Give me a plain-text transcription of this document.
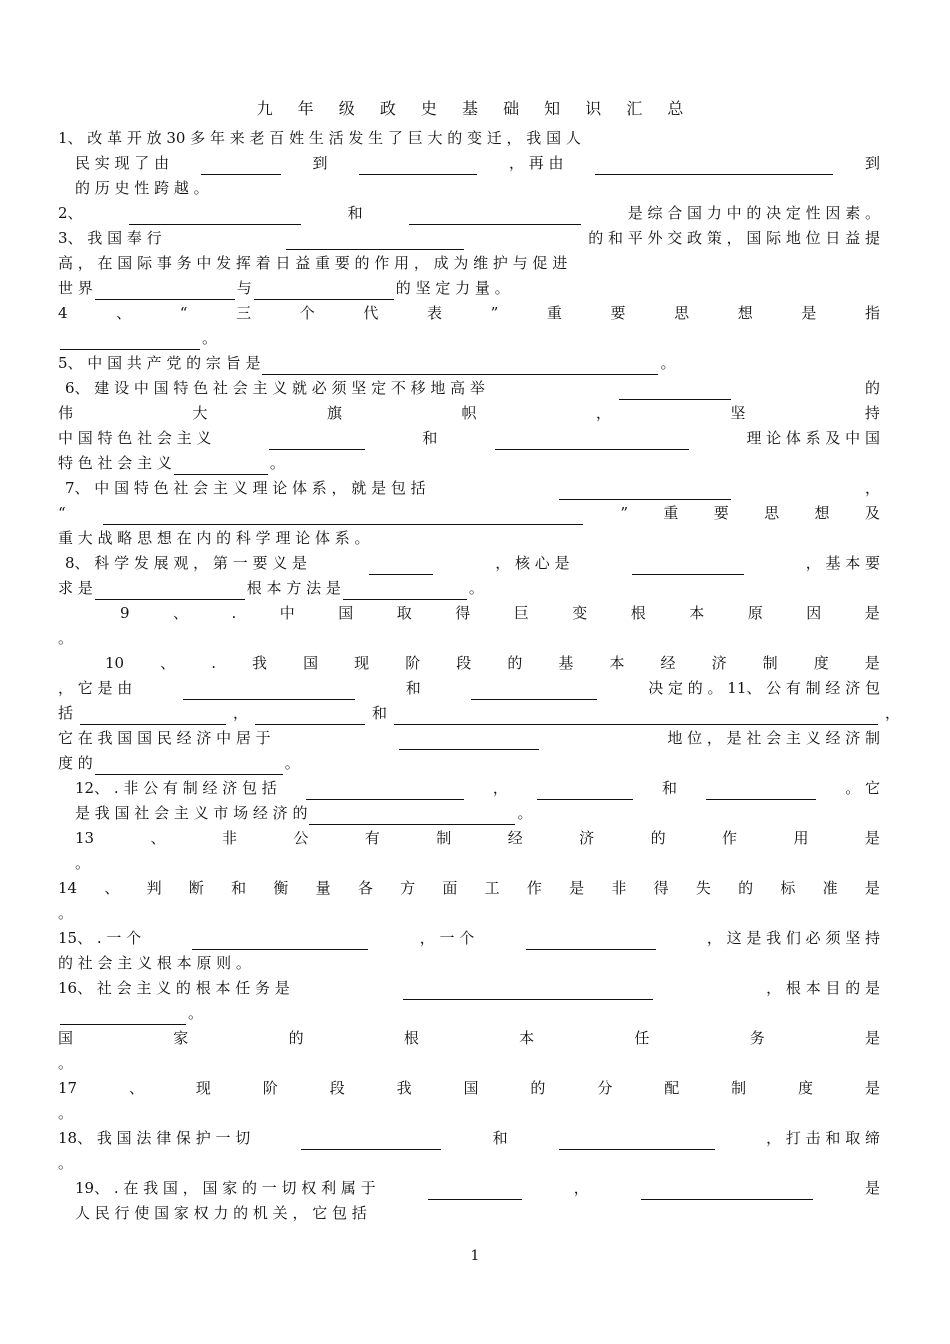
九 年 级 政 史 基 础 知 识 汇 总
1、 改 革 开 放 30 多 年 来 老 百 姓 生 活 发 生 了 巨 大 的 变 迁 ， 我 国 人
民 实 现 了 由	到	， 再 由	到
的 历 史 性 跨 越 。
2、	和	是 综 合 国 力 中 的 决 定 性 因 素 。
3、 我 国 奉 行	的 和 平 外 交 政 策 ， 国 际 地 位 日 益 提
高 ， 在 国 际 事 务 中 发 挥 着 日 益 重 要 的 作 用 ， 成 为 维 护 与 促 进
世 界	与	的 坚 定 力 量 。
4	、	“	三	个	代	表	”	重	要	思	想	是	指
。
5、 中 国 共 产 党 的 宗 旨 是	。
6、 建 设 中 国 特 色 社 会 主 义 就 必 须 坚 定 不 移 地 高 举	的
伟	大	旗	帜	，	坚	持
中 国 特 色 社 会 主 义	和	理 论 体 系 及 中 国
特 色 社 会 主 义	。
7、 中 国 特 色 社 会 主 义 理 论 体 系 ， 就 是 包 括	，
“	” 重 要 思 想 及
重 大 战 略 思 想 在 内 的 科 学 理 论 体 系 。
8、 科 学 发 展 观 ， 第 一 要 义 是	， 核 心 是	， 基 本 要
求 是	根 本 方 法 是	。
9	、	.	中	国	取	得	巨	变	根	本	原	因	是
。
10 、 . 我 国 现 阶 段 的 基 本 经 济 制 度 是
， 它 是 由	和	决 定 的 。 11、 公 有 制 经 济 包
括	，	和	，
它 在 我 国 国 民 经 济 中 居 于	地 位 ， 是 社 会 主 义 经 济 制
度 的	。
12、 . 非 公 有 制 经 济 包 括	，	和	。 它
是 我 国 社 会 主 义 市 场 经 济 的	。
13	、	非	公	有	制	经	济	的	作	用	是
。
14 、 判 断 和 衡 量 各 方 面 工 作 是 非 得 失 的 标 准 是
。
15、 . 一 个	， 一 个	， 这 是 我 们 必 须 坚 持
的 社 会 主 义 根 本 原 则 。
16、 社 会 主 义 的 根 本 任 务 是	， 根 本 目 的 是
。
国	家	的	根	本	任	务	是
。
17	、	现	阶	段	我	国	的	分	配	制	度	是
。
18、 我 国 法 律 保 护 一 切	和	， 打 击 和 取 缔
。
19、 . 在 我 国 ， 国 家 的 一 切 权 利 属 于	，	是
人 民 行 使 国 家 权 力 的 机 关 ， 它 包 括
1
